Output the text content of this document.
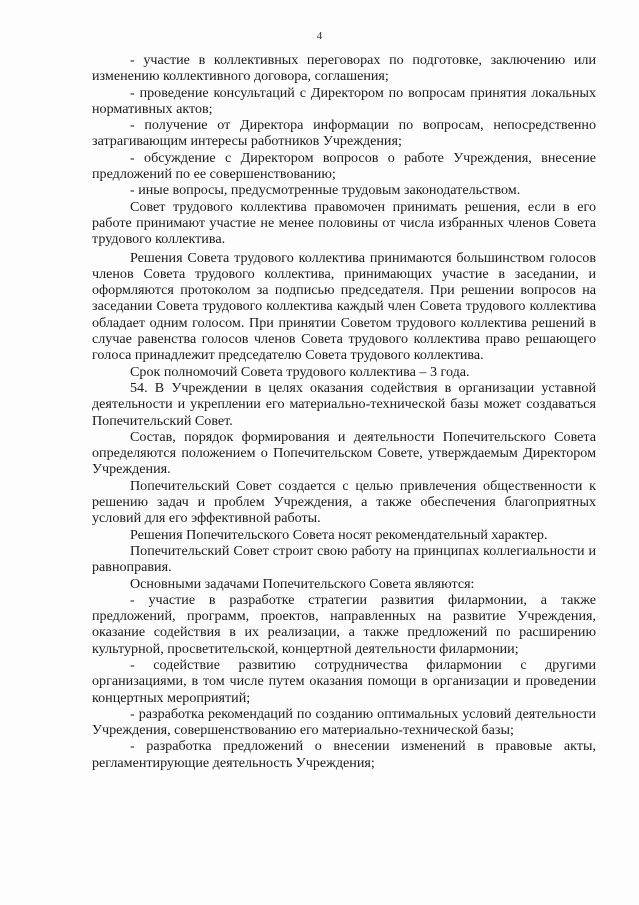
4

- участие в коллективных переговорах по подготовке, заключению или изменению коллективного договора, соглашения;

- проведение консультаций с Директором по вопросам принятия локальных нормативных актов;

- получение от Директора информации по вопросам, непосредственно затрагивающим интересы работников Учреждения;

- обсуждение с Директором вопросов о работе Учреждения, внесение предложений по ее совершенствованию;

- иные вопросы, предусмотренные трудовым законодательством.

Совет трудового коллектива правомочен принимать решения, если в его работе принимают участие не менее половины от числа избранных членов Совета трудового коллектива.

Решения Совета трудового коллектива принимаются большинством голосов членов Совета трудового коллектива, принимающих участие в заседании, и оформляются протоколом за подписью председателя. При решении вопросов на заседании Совета трудового коллектива каждый член Совета трудового коллектива обладает одним голосом. При принятии Советом трудового коллектива решений в случае равенства голосов членов Совета трудового коллектива право решающего голоса принадлежит председателю Совета трудового коллектива.

Срок полномочий Совета трудового коллектива – 3 года.

54. В Учреждении в целях оказания содействия в организации уставной деятельности и укреплении его материально-технической базы может создаваться Попечительский Совет.

Состав, порядок формирования и деятельности Попечительского Совета определяются положением о Попечительском Совете, утверждаемым Директором Учреждения.

Попечительский Совет создается с целью привлечения общественности к решению задач и проблем Учреждения, а также обеспечения благоприятных условий для его эффективной работы.

Решения Попечительского Совета носят рекомендательный характер.

Попечительский Совет строит свою работу на принципах коллегиальности и равноправия.

Основными задачами Попечительского Совета являются:

- участие в разработке стратегии развития филармонии, а также предложений, программ, проектов, направленных на развитие Учреждения, оказание содействия в их реализации, а также предложений по расширению культурной, просветительской, концертной деятельности филармонии;

- содействие развитию сотрудничества филармонии с другими организациями, в том числе путем оказания помощи в организации и проведении концертных мероприятий;

- разработка рекомендаций по созданию оптимальных условий деятельности Учреждения, совершенствованию его материально-технической базы;

- разработка предложений о внесении изменений в правовые акты, регламентирующие деятельность Учреждения;
